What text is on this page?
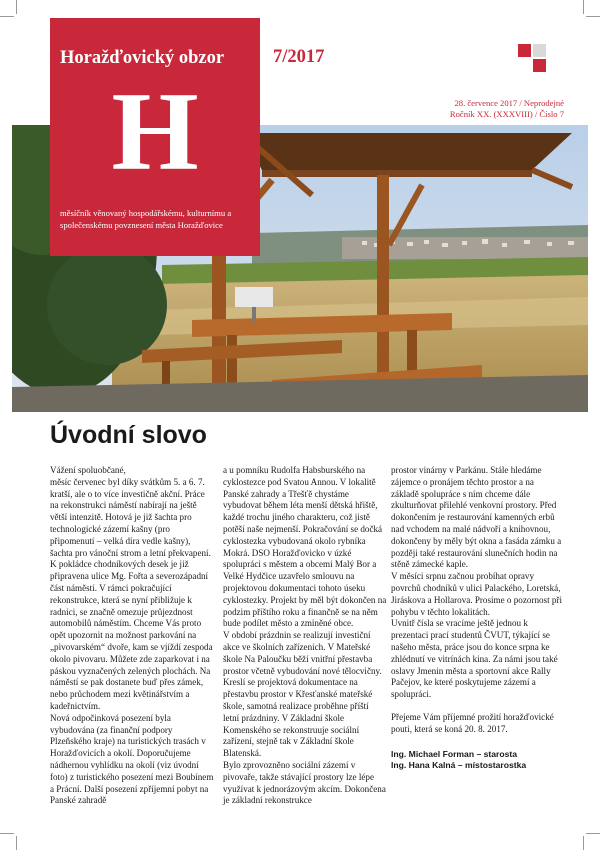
Horažďovický obzor
H
měsíčník věnovaný hospodářskému, kulturnímu a společenskému povznesení města Horažďovice
7/2017
28. července 2017 / Neprodejné
Ročník XX. (XXXVIII) / Číslo 7
Úvodní slovo

Vážení spoluobčané,
měsíc červenec byl díky svátkům 5. a 6. 7. kratší, ale o to více investičně akční. Práce na rekonstrukci náměstí nabírají na ještě větší intenzitě. Hotová je již šachta pro technologické zázemí kašny (pro připomenutí – velká díra vedle kašny), šachta pro vánoční strom a letní překvapení. K pokládce chodníkových desek je již připravena ulice Mg. Fořta a severozápadní část náměstí. V rámci pokračující rekonstrukce, která se nyní přibližuje k radnici, se značně omezuje průjezdnost automobilů náměstím. Chceme Vás proto opět upozornit na možnost parkování na „pivovarském“ dvoře, kam se vjíždí zespoda okolo pivovaru. Můžete zde zaparkovat i na páskou vyznačených zelených plochách. Na náměstí se pak dostanete buď přes zámek, nebo průchodem mezi květinářstvím a kadeřnictvím.
Nová odpočinková posezení byla vybudována (za finanční podpory Plzeňského kraje) na turistických trasách v Horažďovicích a okolí. Doporučujeme nádhernou vyhlídku na okolí (viz úvodní foto) z turistického posezení mezi Boubínem a Prácní. Další posezení zpříjemní pobyt na Panské zahradě

a u pomníku Rudolfa Habsburského na cyklostezce pod Svatou Annou. V lokalitě Panské zahrady a Třešťě chystáme vybudovat během léta menší dětská hřiště, každé trochu jiného charakteru, což jistě potěší naše nejmenší. Pokračování se dočká cyklostezka vybudovaná okolo rybníka Mokrá. DSO Horažďovicko v úzké spolupráci s městem a obcemi Malý Bor a Velké Hydčice uzavřelo smlouvu na projektovou dokumentaci tohoto úseku cyklostezky. Projekt by měl být dokončen na podzim příštího roku a finančně se na něm bude podílet město a zmíněné obce.
V období prázdnin se realizují investiční akce ve školních zařízeních. V Mateřské škole Na Paloučku běží vnitřní přestavba prostor včetně vybudování nové tělocvičny. Kreslí se projektová dokumentace na přestavbu prostor v Křesťanské mateřské škole, samotná realizace proběhne příští letní prázdniny. V Základní škole Komenského se rekonstruuje sociální zařízení, stejně tak v Základní škole Blatenská.
Bylo zprovozněno sociální zázemí v pivovaře, takže stávající prostory lze lépe využívat k jednorázovým akcím. Dokončena je základní rekonstrukce

prostor vinárny v Parkánu. Stále hledáme zájemce o pronájem těchto prostor a na základě spolupráce s ním chceme dále zkulturňovat přilehlé venkovní prostory. Před dokončením je restaurování kamenných erbů nad vchodem na malé nádvoří a knihovnou, dokončeny by měly být okna a fasáda zámku a později také restaurování slunečních hodin na stěně zámecké kaple.
V měsíci srpnu začnou probíhat opravy povrchů chodníků v ulici Palackého, Loretská, Jiráskova a Hollarova. Prosíme o pozornost při pohybu v těchto lokalitách.
Uvnitř čísla se vracíme ještě jednou k prezentaci prací studentů ČVUT, týkající se našeho města, práce jsou do konce srpna ke zhlédnutí ve vitrínách kina. Za námi jsou také oslavy Jmenin města a sportovní akce Rally Pačejov, ke které poskytujeme zázemí a spolupráci.

Přejeme Vám příjemné prožití horažďovické pouti, která se koná 20. 8. 2017.

Ing. Michael Forman – starosta
Ing. Hana Kalná – místostarostka
